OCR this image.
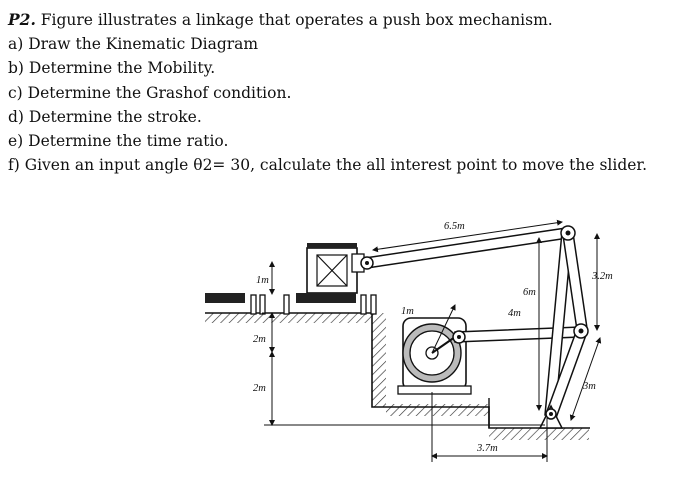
P2. Figure illustrates a linkage that operates a push box mechanism.
a) Draw the Kinematic Diagram
b) Determine the Mobility.
c) Determine the Grashof condition.
d) Determine the stroke.
e) Determine the time ratio.
f) Given an input angle θ2= 30, calculate the all interest point to move the slider.
6.5m
3.2m
1m
6m
4m
3m
1m
2m
2m
3.7m
